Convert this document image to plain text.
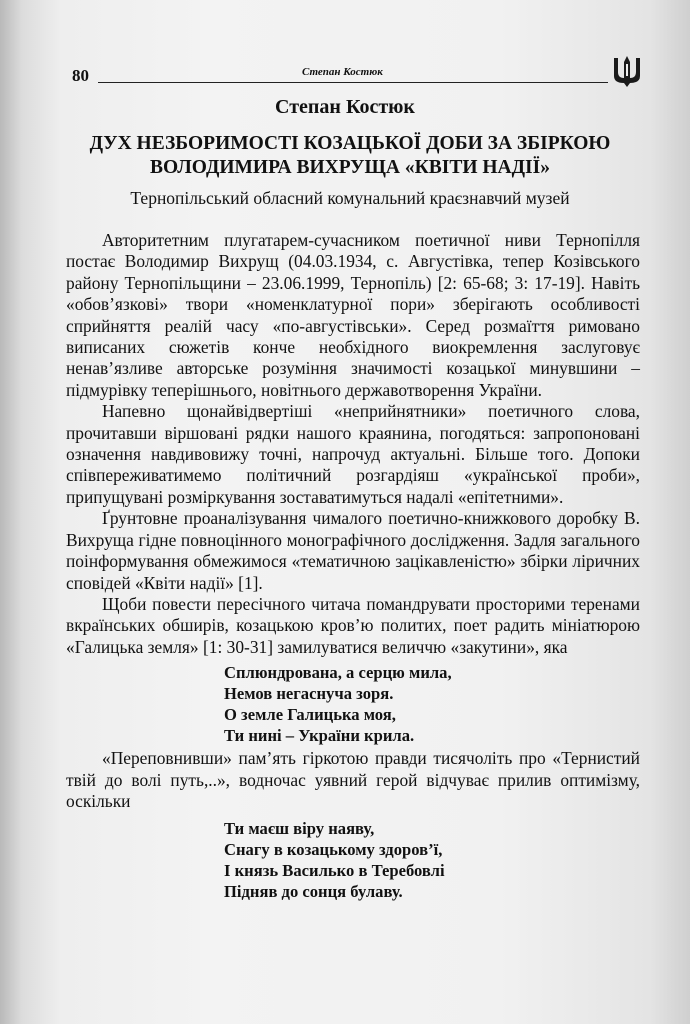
80	Степан Костюк
Степан Костюк
ДУХ НЕЗБОРИМОСТІ КОЗАЦЬКОЇ ДОБИ ЗА ЗБІРКОЮ ВОЛОДИМИРА ВИХРУЩА «КВІТИ НАДІЇ»
Тернопільський обласний комунальний краєзнавчий музей

Авторитетним плугатарем-сучасником поетичної ниви Тернопілля постає Володимир Вихрущ (04.03.1934, с. Августівка, тепер Козівського району Тернопільщини – 23.06.1999, Тернопіль) [2: 65-68; 3: 17-19]. Навіть «обов’язкові» твори «номенклатурної пори» зберігають особливості сприйняття реалій часу «по-августівськи». Серед розмаїття римовано виписаних сюжетів конче необхідного виокремлення заслуговує ненав’язливе авторське розуміння значимості козацької минувшини – підмурівку теперішнього, новітнього державотворення України.

Напевно щонайвідвертіші «неприйнятники» поетичного слова, прочитавши віршовані рядки нашого краянина, погодяться: запропоновані означення навдивовижу точні, напрочуд актуальні. Більше того. Допоки співпереживатимемо політичний розгардіяш «української проби», припущувані розміркування зоставатимуться надалі «епітетними».

Ґрунтовне проаналізування чималого поетично-книжкового доробку В. Вихруща гідне повноцінного монографічного дослідження. Задля загального поінформування обмежимося «тематичною зацікавленістю» збірки ліричних сповідей «Квіти надії» [1].

Щоби повести пересічного читача помандрувати просторими теренами вкраїнських обширів, козацькою кров’ю политих, поет радить мініатюрою «Галицька земля» [1: 30-31] замилуватися величчю «закутини», яка

Сплюндрована, а серцю мила,
Немов негаснуча зоря.
О земле Галицька моя,
Ти нині – України крила.

«Переповнивши» пам’ять гіркотою правди тисячоліть про «Тернистий твій до волі путь,..», водночас уявний герой відчуває прилив оптимізму, оскільки

Ти маєш віру наяву,
Снагу в козацькому здоров’ї,
І князь Василько в Теребовлі
Підняв до сонця булаву.
